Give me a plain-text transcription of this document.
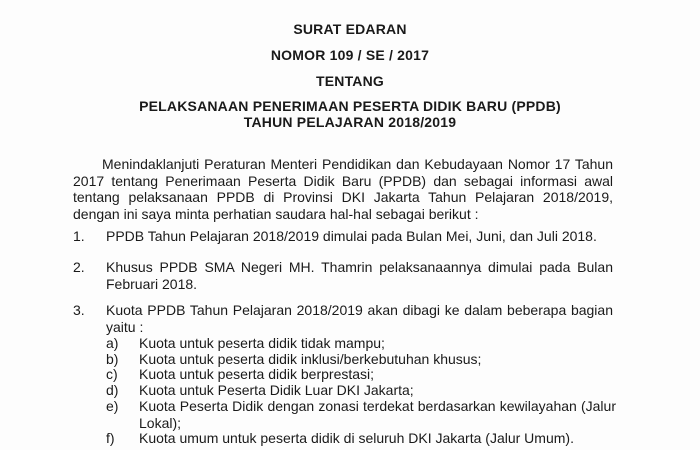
SURAT EDARAN
NOMOR 109 / SE / 2017
TENTANG
PELAKSANAAN PENERIMAAN PESERTA DIDIK BARU (PPDB)
TAHUN PELAJARAN 2018/2019
Menindaklanjuti Peraturan Menteri Pendidikan dan Kebudayaan Nomor 17 Tahun
2017 tentang Penerimaan Peserta Didik Baru (PPDB) dan sebagai informasi awal
tentang pelaksanaan PPDB di Provinsi DKI Jakarta Tahun Pelajaran 2018/2019,
dengan ini saya minta perhatian saudara hal-hal sebagai berikut :
1. PPDB Tahun Pelajaran 2018/2019 dimulai pada Bulan Mei, Juni, dan Juli 2018.
2. Khusus PPDB SMA Negeri MH. Thamrin pelaksanaannya dimulai pada Bulan
Februari 2018.
3. Kuota PPDB Tahun Pelajaran 2018/2019 akan dibagi ke dalam beberapa bagian
yaitu :
a) Kuota untuk peserta didik tidak mampu;
b) Kuota untuk peserta didik inklusi/berkebutuhan khusus;
c) Kuota untuk peserta didik berprestasi;
d) Kuota untuk Peserta Didik Luar DKI Jakarta;
e) Kuota Peserta Didik dengan zonasi terdekat berdasarkan kewilayahan (Jalur
Lokal);
f) Kuota umum untuk peserta didik di seluruh DKI Jakarta (Jalur Umum).
